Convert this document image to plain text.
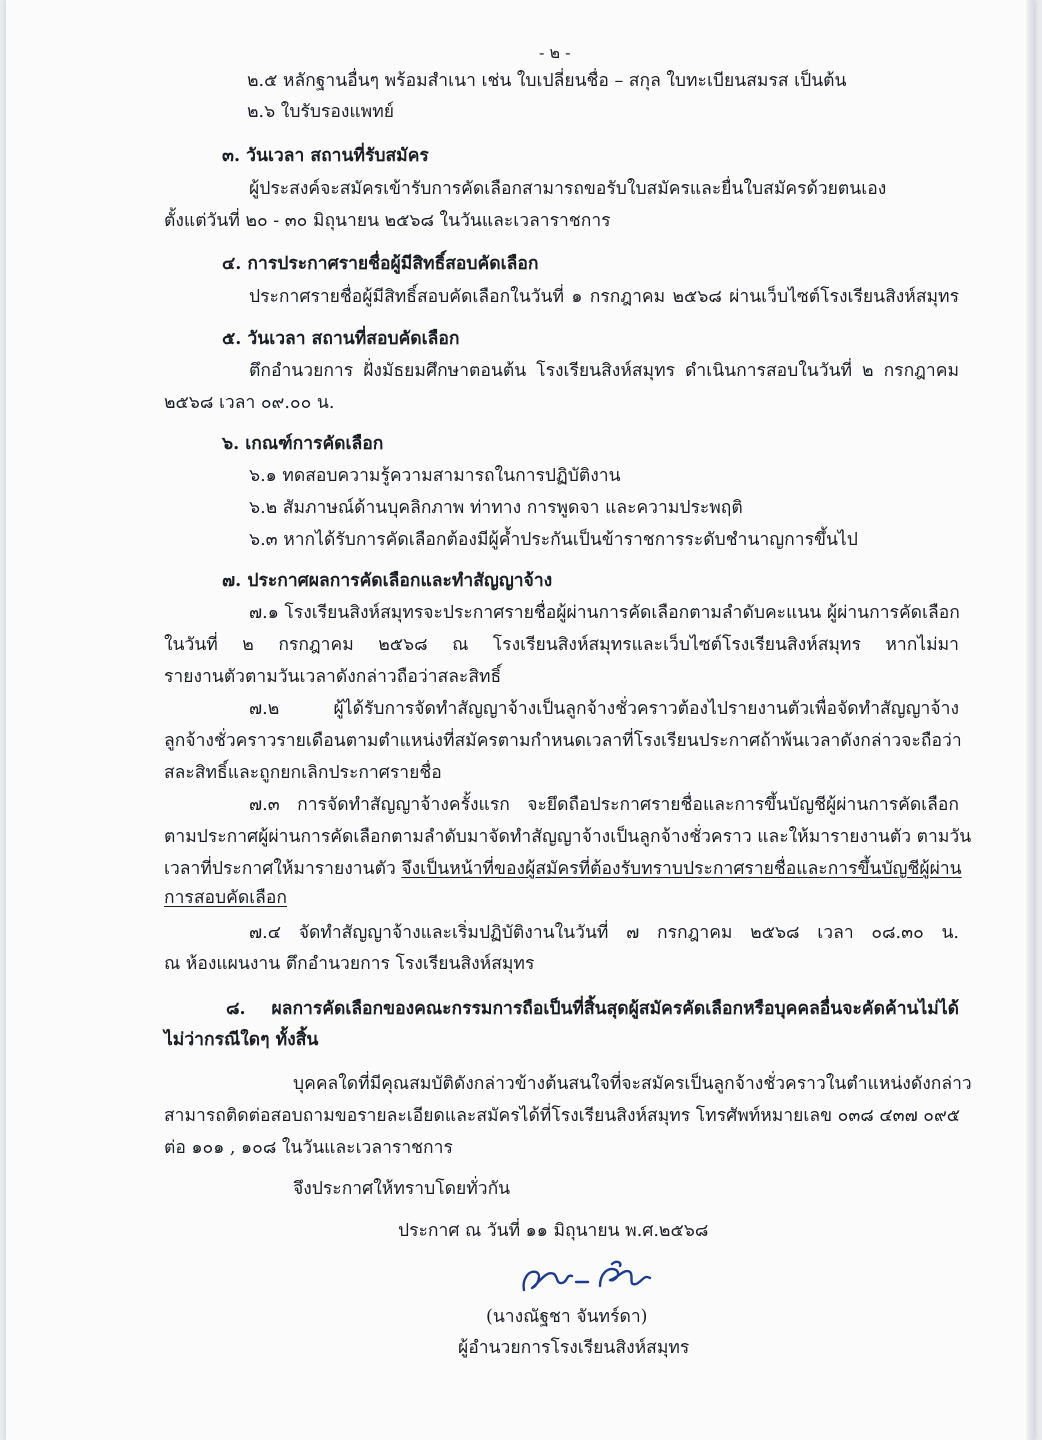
- ๒ -
๒.๕ หลักฐานอื่นๆ พร้อมสำเนา เช่น ใบเปลี่ยนชื่อ – สกุล ใบทะเบียนสมรส เป็นต้น
๒.๖ ใบรับรองแพทย์
๓. วันเวลา สถานที่รับสมัคร
ผู้ประสงค์จะสมัครเข้ารับการคัดเลือกสามารถขอรับใบสมัครและยื่นใบสมัครด้วยตนเอง
ตั้งแต่วันที่ ๒๐ - ๓๐ มิถุนายน ๒๕๖๘ ในวันและเวลาราชการ
๔. การประกาศรายชื่อผู้มีสิทธิ์สอบคัดเลือก
ประกาศรายชื่อผู้มีสิทธิ์สอบคัดเลือกในวันที่ ๑ กรกฎาคม ๒๕๖๘ ผ่านเว็บไซต์โรงเรียนสิงห์สมุทร
๕. วันเวลา สถานที่สอบคัดเลือก
ตึกอำนวยการ ฝั่งมัธยมศึกษาตอนต้น โรงเรียนสิงห์สมุทร ดำเนินการสอบในวันที่ ๒ กรกฎาคม
๒๕๖๘ เวลา ๐๙.๐๐ น.
๖. เกณฑ์การคัดเลือก
๖.๑ ทดสอบความรู้ความสามารถในการปฏิบัติงาน
๖.๒ สัมภาษณ์ด้านบุคลิกภาพ ท่าทาง การพูดจา และความประพฤติ
๖.๓ หากได้รับการคัดเลือกต้องมีผู้ค้ำประกันเป็นข้าราชการระดับชำนาญการขึ้นไป
๗. ประกาศผลการคัดเลือกและทำสัญญาจ้าง
๗.๑ โรงเรียนสิงห์สมุทรจะประกาศรายชื่อผู้ผ่านการคัดเลือกตามลำดับคะแนน ผู้ผ่านการคัดเลือก
ในวันที่ ๒ กรกฎาคม ๒๕๖๘ ณ โรงเรียนสิงห์สมุทรและเว็บไซต์โรงเรียนสิงห์สมุทร หากไม่มา
รายงานตัวตามวันเวลาดังกล่าวถือว่าสละสิทธิ์
๗.๒ ผู้ได้รับการจัดทำสัญญาจ้างเป็นลูกจ้างชั่วคราวต้องไปรายงานตัวเพื่อจัดทำสัญญาจ้าง
ลูกจ้างชั่วคราวรายเดือนตามตำแหน่งที่สมัครตามกำหนดเวลาที่โรงเรียนประกาศถ้าพ้นเวลาดังกล่าวจะถือว่า
สละสิทธิ์และถูกยกเลิกประกาศรายชื่อ
๗.๓ การจัดทำสัญญาจ้างครั้งแรก จะยึดถือประกาศรายชื่อและการขึ้นบัญชีผู้ผ่านการคัดเลือก
ตามประกาศผู้ผ่านการคัดเลือกตามลำดับมาจัดทำสัญญาจ้างเป็นลูกจ้างชั่วคราว และให้มารายงานตัว ตามวัน
เวลาที่ประกาศให้มารายงานตัว จึงเป็นหน้าที่ของผู้สมัครที่ต้องรับทราบประกาศรายชื่อและการขึ้นบัญชีผู้ผ่าน
การสอบคัดเลือก
๗.๔ จัดทำสัญญาจ้างและเริ่มปฏิบัติงานในวันที่ ๗ กรกฎาคม ๒๕๖๘ เวลา ๐๘.๓๐ น.
ณ ห้องแผนงาน ตึกอำนวยการ โรงเรียนสิงห์สมุทร
๘. ผลการคัดเลือกของคณะกรรมการถือเป็นที่สิ้นสุดผู้สมัครคัดเลือกหรือบุคคลอื่นจะคัดค้านไม่ได้
ไม่ว่ากรณีใดๆ ทั้งสิ้น
บุคคลใดที่มีคุณสมบัติดังกล่าวข้างต้นสนใจที่จะสมัครเป็นลูกจ้างชั่วคราวในตำแหน่งดังกล่าว
สามารถติดต่อสอบถามขอรายละเอียดและสมัครได้ที่โรงเรียนสิงห์สมุทร โทรศัพท์หมายเลข ๐๓๘ ๔๓๗ ๐๙๕
ต่อ ๑๐๑ , ๑๐๘ ในวันและเวลาราชการ
จึงประกาศให้ทราบโดยทั่วกัน
ประกาศ ณ วันที่ ๑๑ มิถุนายน พ.ศ.๒๕๖๘
(นางณัฐชา จันทร์ดา)
ผู้อำนวยการโรงเรียนสิงห์สมุทร
